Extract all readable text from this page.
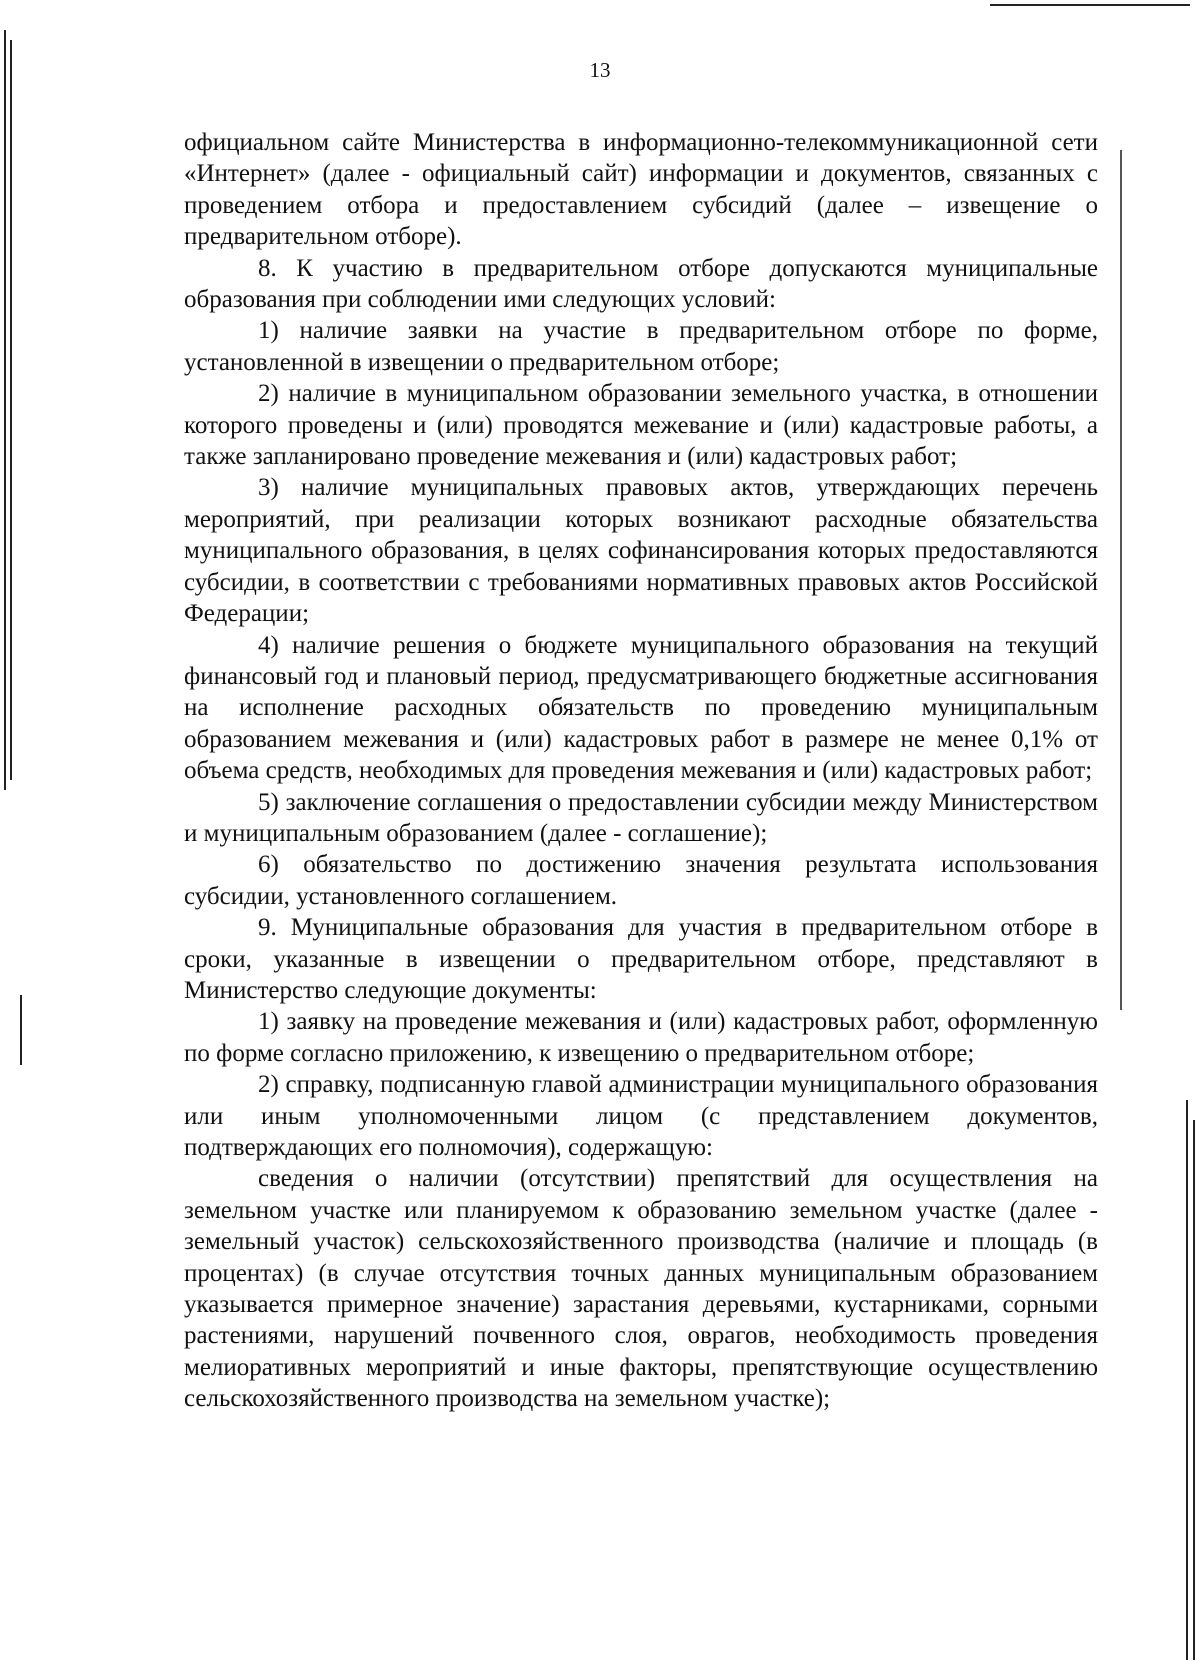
13

официальном сайте Министерства в информационно-телекоммуникационной сети «Интернет» (далее - официальный сайт) информации и документов, связанных с проведением отбора и предоставлением субсидий (далее – извещение о предварительном отборе).

8. К участию в предварительном отборе допускаются муниципальные образования при соблюдении ими следующих условий:

1) наличие заявки на участие в предварительном отборе по форме, установленной в извещении о предварительном отборе;

2) наличие в муниципальном образовании земельного участка, в отношении которого проведены и (или) проводятся межевание и (или) кадастровые работы, а также запланировано проведение межевания и (или) кадастровых работ;

3) наличие муниципальных правовых актов, утверждающих перечень мероприятий, при реализации которых возникают расходные обязательства муниципального образования, в целях софинансирования которых предоставляются субсидии, в соответствии с требованиями нормативных правовых актов Российской Федерации;

4) наличие решения о бюджете муниципального образования на текущий финансовый год и плановый период, предусматривающего бюджетные ассигнования на исполнение расходных обязательств по проведению муниципальным образованием межевания и (или) кадастровых работ в размере не менее 0,1% от объема средств, необходимых для проведения межевания и (или) кадастровых работ;

5) заключение соглашения о предоставлении субсидии между Министерством и муниципальным образованием (далее - соглашение);

6) обязательство по достижению значения результата использования субсидии, установленного соглашением.

9. Муниципальные образования для участия в предварительном отборе в сроки, указанные в извещении о предварительном отборе, представляют в Министерство следующие документы:

1) заявку на проведение межевания и (или) кадастровых работ, оформленную по форме согласно приложению, к извещению о предварительном отборе;

2) справку, подписанную главой администрации муниципального образования или иным уполномоченными лицом (с представлением документов, подтверждающих его полномочия), содержащую:

сведения о наличии (отсутствии) препятствий для осуществления на земельном участке или планируемом к образованию земельном участке (далее - земельный участок) сельскохозяйственного производства (наличие и площадь (в процентах) (в случае отсутствия точных данных муниципальным образованием указывается примерное значение) зарастания деревьями, кустарниками, сорными растениями, нарушений почвенного слоя, оврагов, необходимость проведения мелиоративных мероприятий и иные факторы, препятствующие осуществлению сельскохозяйственного производства на земельном участке);
